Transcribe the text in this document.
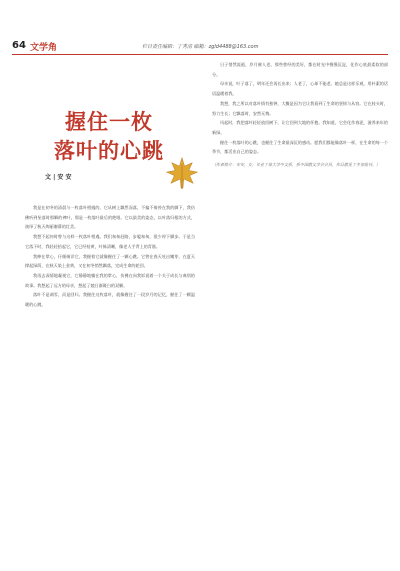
64 文学角	栏目责任编辑：丁秀清 邮箱：zgld4488@163.com
握住一枚
落叶的心跳
文 | 安 安

我是在初冬的清晨与一枚落叶相遇的。它从树上飘然而落，不偏不倚停在我的脚下，我仿佛听到坠落时那瞬的裨叶，那是一枚落叶最后的绝唱。它以最美的姿态，以叶落归根的方式，演绎了秋天绚丽谢幕的壮美。

我想不起何时曾与这样一枚落叶相遇。我们匆匆赶路，步履匆匆，很少停下脚步。于是当它落下时，我轻轻拾起它，它已经枯黄，叶脉清晰，像老人手背上的青筋。

我捧在掌心，仔细端详它，我握着它就像握住了一颗心跳。它曾在春天吐出嫩芽，在夏天撑起绿荫，在秋天染上金黄，又在初冬悄然飘落，完成生命的轮回。

我再去深情地凝视它，它静静地躺在我的掌心，仿佛在向我诉说着一个关于成长与离别的故事。我想起了远方的母亲，想起了她日渐斑白的双鬓。

落叶不是凋零，而是回归。我握住这枚落叶，就像握住了一段岁月的记忆，握住了一颗温暖的心跳。

日子悄然流逝，岁月催人老。那些曾经的美好，都在时光中慢慢沉淀，化作心底最柔软的部分。

母亲说，叶子落了，明年还会再长出来；人老了，心却不能老。她总是这样乐观，用朴素的话语温暖着我。

我想，我之所以对落叶情有独钟，大概是因为它让我看到了生命的坚韧与从容。它在枝头时，努力生长；它飘落时，安然无悔。

风起时，我把落叶轻轻放回树下，让它回到大地的怀抱。我知道，它会化作春泥，滋养来年的新绿。

握住一枚落叶的心跳，也握住了生命最深沉的感动。愿我们都能像落叶一样，在生命的每一个季节，都活出自己的姿态。

（作者简介：安安，女，毕业于某大学中文系，系中国散文学会会员，作品散见于多家报刊。）
